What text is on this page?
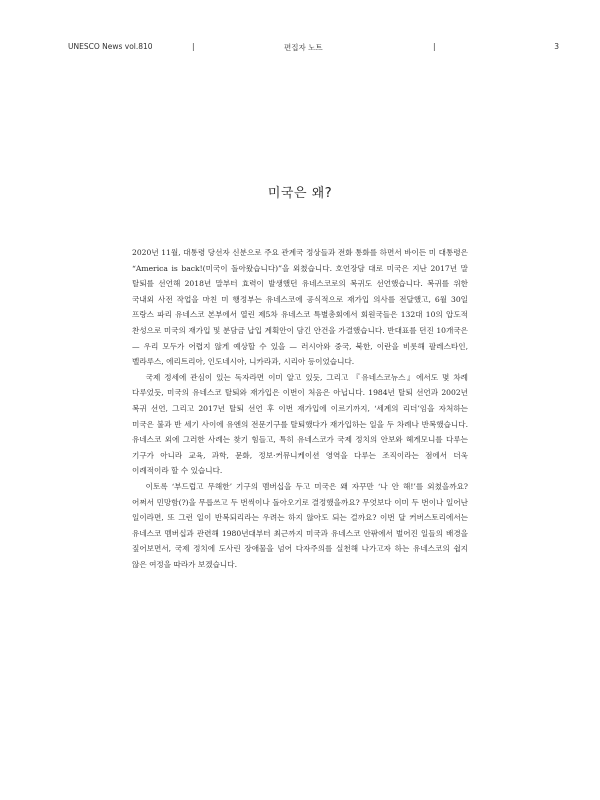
UNESCO News vol.810	|	편집자 노트	|	3
미국은 왜?

2020년 11월, 대통령 당선자 신분으로 주요 관계국 정상들과 전화 통화를 하면서 바이든 미 대통령은 “America is back!(미국이 돌아왔습니다)”을 외쳤습니다. 호언장담 대로 미국은 지난 2017년 말 탈퇴를 선언해 2018년 말부터 효력이 발생했던 유네스코로의 복귀도 선언했습니다. 복귀를 위한 국내외 사전 작업을 마친 미 행정부는 유네스코에 공식적으로 재가입 의사를 전달했고, 6월 30일 프랑스 파리 유네스코 본부에서 열린 제5차 유네스코 특별총회에서 회원국들은 132대 10의 압도적 찬성으로 미국의 재가입 및 분담금 납입 계획안이 담긴 안건을 가결했습니다. 반대표를 던진 10개국은 — 우리 모두가 어렵지 않게 예상할 수 있을 — 러시아와 중국, 북한, 이란을 비롯해 팔레스타인, 벨라루스, 에리트리아, 인도네시아, 니카라과, 시리아 등이었습니다.

국제 정세에 관심이 있는 독자라면 이미 알고 있듯, 그리고 『유네스코뉴스』에서도 몇 차례 다루었듯, 미국의 유네스코 탈퇴와 재가입은 이번이 처음은 아닙니다. 1984년 탈퇴 선언과 2002년 복귀 선언, 그리고 2017년 탈퇴 선언 후 이번 재가입에 이르기까지, ‘세계의 리더’임을 자처하는 미국은 불과 반 세기 사이에 유엔의 전문기구를 탈퇴했다가 재가입하는 일을 두 차례나 반복했습니다. 유네스코 외에 그러한 사례는 찾기 힘들고, 특히 유네스코가 국제 정치의 안보와 헤게모니를 다루는 기구가 아니라 교육, 과학, 문화, 정보·커뮤니케이션 영역을 다루는 조직이라는 점에서 더욱 이례적이라 할 수 있습니다.

이토록 ‘부드럽고 무해한’ 기구의 멤버십을 두고 미국은 왜 자꾸만 ‘나 안 해!’를 외쳤을까요? 어쩌서 민망함(?)을 무릅쓰고 두 번씩이나 돌아오기로 결정했을까요? 무엇보다 이미 두 번이나 일어난 일이라면, 또 그런 일이 반복되리라는 우려는 하지 않아도 되는 걸까요? 이번 달 커버스토리에서는 유네스코 멤버십과 관련해 1980년대부터 최근까지 미국과 유네스코 안팎에서 벌어진 일들의 배경을 짚어보면서, 국제 정치에 도사린 장애물을 넘어 다자주의를 실천해 나가고자 하는 유네스코의 쉽지 않은 여정을 따라가 보겠습니다.
